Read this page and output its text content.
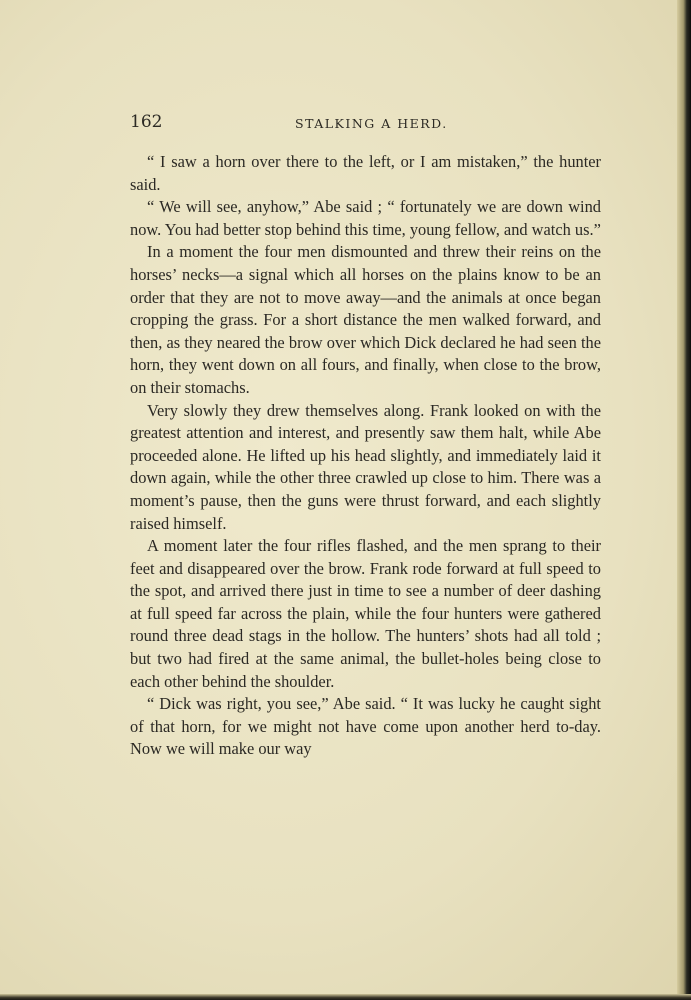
162	STALKING A HERD.

“ I saw a horn over there to the left, or I am mistaken,” the hunter said.

“ We will see, anyhow,” Abe said ; “ fortunately we are down wind now. You had better stop behind this time, young fellow, and watch us.”

In a moment the four men dismounted and threw their reins on the horses’ necks—a signal which all horses on the plains know to be an order that they are not to move away—and the animals at once began cropping the grass. For a short distance the men walked forward, and then, as they neared the brow over which Dick declared he had seen the horn, they went down on all fours, and finally, when close to the brow, on their stomachs.

Very slowly they drew themselves along. Frank looked on with the greatest attention and interest, and presently saw them halt, while Abe proceeded alone. He lifted up his head slightly, and immediately laid it down again, while the other three crawled up close to him. There was a moment’s pause, then the guns were thrust forward, and each slightly raised himself.

A moment later the four rifles flashed, and the men sprang to their feet and disappeared over the brow. Frank rode forward at full speed to the spot, and arrived there just in time to see a number of deer dashing at full speed far across the plain, while the four hunters were gathered round three dead stags in the hollow. The hunters’ shots had all told ; but two had fired at the same animal, the bullet-holes being close to each other behind the shoulder.

“ Dick was right, you see,” Abe said. “ It was lucky he caught sight of that horn, for we might not have come upon another herd to-day. Now we will make our way
